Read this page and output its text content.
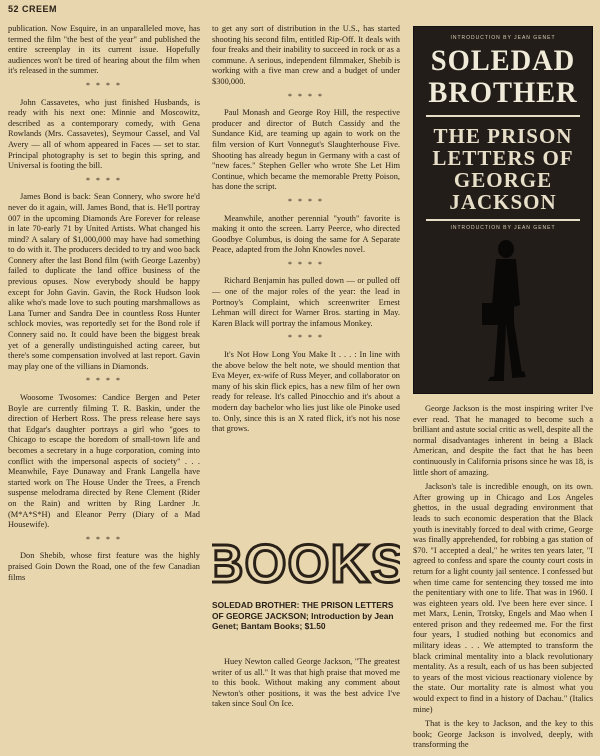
52 CREEM

publication. Now Esquire, in an unparalleled move, has termed the film "the best of the year" and published the entire screenplay in its current issue. Hopefully audiences won't be tired of hearing about the film when it's released in the summer.

* * * *

John Cassavetes, who just finished Husbands, is ready with his next one: Minnie and Moscowitz, described as a contemporary comedy, with Gena Rowlands (Mrs. Cassavetes), Seymour Cassel, and Val Avery — all of whom appeared in Faces — set to star. Principal photography is set to begin this spring, and Universal is footing the bill.

* * * *

James Bond is back: Sean Connery, who swore he'd never do it again, will. James Bond, that is. He'll portray 007 in the upcoming Diamonds Are Forever for release in late 70-early 71 by United Artists. What changed his mind? A salary of $1,000,000 may have had something to do with it. The producers decided to try and woo back Connery after the last Bond film (with George Lazenby) failed to duplicate the land office business of the previous opuses. Now everybody should be happy except for John Gavin. Gavin, the Rock Hudson look alike who's made love to such pouting marshmallows as Lana Turner and Sandra Dee in countless Ross Hunter schlock movies, was reportedly set for the Bond role if Connery said no. It could have been the biggest break yet of a generally undistinguished acting career, but there's some compensation involved at last report. Gavin may play one of the villians in Diamonds.

* * * *

Woosome Twosomes: Candice Bergen and Peter Boyle are currently filming T. R. Baskin, under the direction of Herbert Ross. The press release here says that Edgar's daughter portrays a girl who "goes to Chicago to escape the boredom of small-town life and becomes a secretary in a huge corporation, coming into conflict with the impersonal aspects of society" . . . Meanwhile, Faye Dunaway and Frank Langella have started work on The House Under the Trees, a French suspense melodrama directed by Rene Clement (Rider on the Rain) and written by Ring Lardner Jr. (M*A*S*H) and Eleanor Perry (Diary of a Mad Housewife).

* * * *

Don Shebib, whose first feature was the highly praised Goin Down the Road, one of the few Canadian films

to get any sort of distribution in the U.S., has started shooting his second film, entitled Rip-Off. It deals with four freaks and their inability to succeed in rock or as a commune. A serious, independent filmmaker, Shebib is working with a five man crew and a budget of under $300,000.

* * * *

Paul Monash and George Roy Hill, the respective producer and director of Butch Cassidy and the Sundance Kid, are teaming up again to work on the film version of Kurt Vonnegut's Slaughterhouse Five. Shooting has already begun in Germany with a cast of "new faces." Stephen Geller who wrote She Let Him Continue, which became the memorable Pretty Poison, has done the script.

* * * *

Meanwhile, another perennial "youth" favorite is making it onto the screen. Larry Peerce, who directed Goodbye Columbus, is doing the same for A Separate Peace, adapted from the John Knowles novel.

* * * *

Richard Benjamin has pulled down — or pulled off — one of the major roles of the year: the lead in Portnoy's Complaint, which screenwriter Ernest Lehman will direct for Warner Bros. starting in May. Karen Black will portray the infamous Monkey.

* * * *

It's Not How Long You Make It . . . : In line with the above below the belt note, we should mention that Eva Meyer, ex-wife of Russ Meyer, and collaborator on many of his skin flick epics, has a new film of her own ready for release. It's called Pinocchio and it's about a modern day bachelor who lies just like ole Pinoke used to. Only, since this is an X rated flick, it's not his nose that grows.

BOOKS
SOLEDAD BROTHER: THE PRISON LETTERS OF GEORGE JACKSON; Introduction by Jean Genet; Bantam Books; $1.50

Huey Newton called George Jackson, "The greatest writer of us all." It was that high praise that moved me to this book. Without making any comment about Newton's other positions, it was the best advice I've taken since Soul On Ice.

INTRODUCTION BY JEAN GENET
SOLEDAD
BROTHER
THE PRISON
LETTERS OF
GEORGE
JACKSON
INTRODUCTION BY JEAN GENET

George Jackson is the most inspiring writer I've ever read. That he managed to become such a brilliant and astute social critic as well, despite all the normal disadvantages inherent in being a Black American, and despite the fact that he has been continuously in California prisons since he was 18, is little short of amazing.

Jackson's tale is incredible enough, on its own. After growing up in Chicago and Los Angeles ghettos, in the usual degrading environment that leads to such economic desperation that the Black youth is inevitably forced to deal with crime, George was finally apprehended, for robbing a gas station of $70. "I accepted a deal," he writes ten years later, "I agreed to confess and spare the county court costs in return for a light county jail sentence. I confessed but when time came for sentencing they tossed me into the penitentiary with one to life. That was in 1960. I was eighteen years old. I've been here ever since. I met Marx, Lenin, Trotsky, Engels and Mao when I entered prison and they redeemed me. For the first four years, I studied nothing but economics and military ideas . . . We attempted to transform the black criminal mentality into a black revolutionary mentality. As a result, each of us has been subjected to years of the most vicious reactionary violence by the state. Our mortality rate is almost what you would expect to find in a history of Dachau." (Italics mine)

That is the key to Jackson, and the key to this book; George Jackson is involved, deeply, with transforming the
